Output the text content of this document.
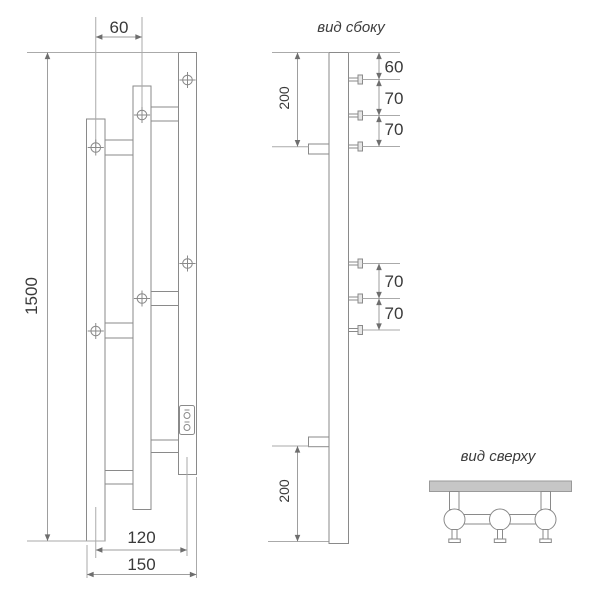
60
1500
120
150
вид сбоку
60
70
70
70
70
200
200
вид сверху
